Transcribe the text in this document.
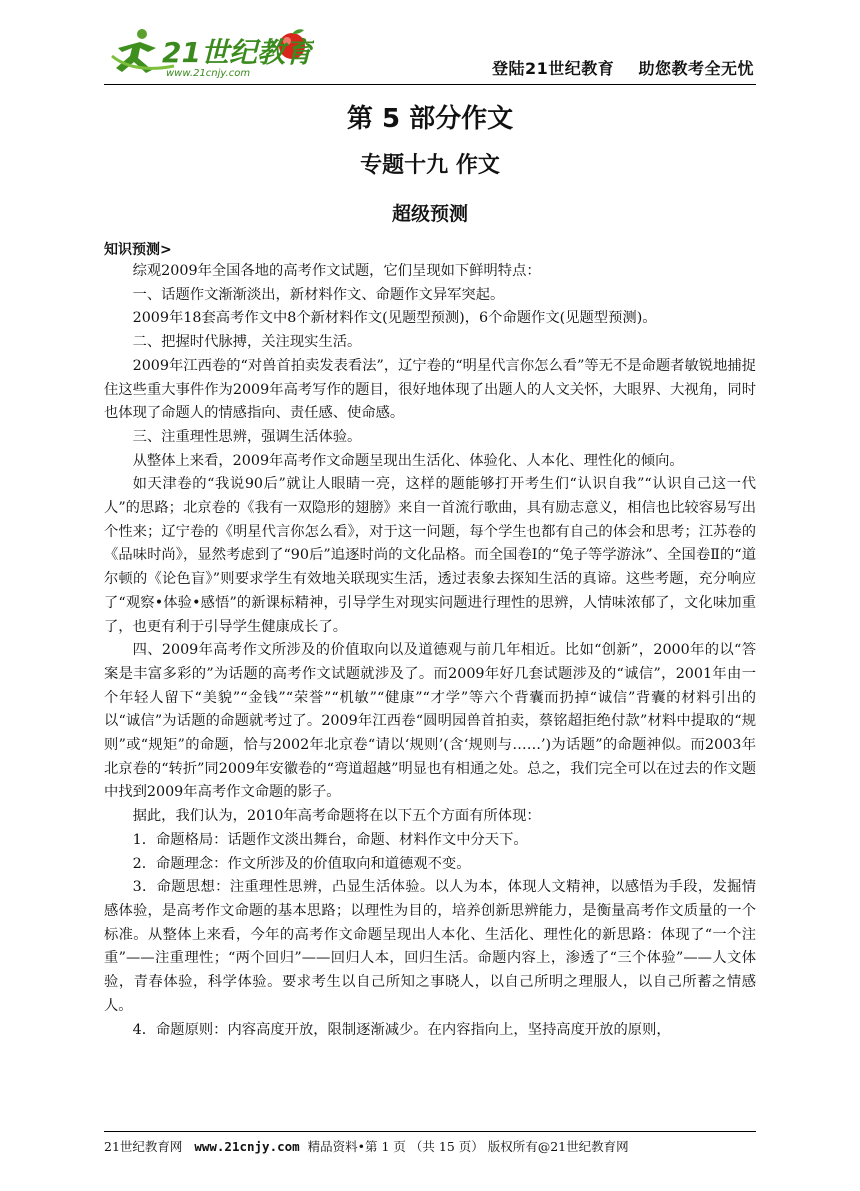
21世纪教育
www.21cnjy.com	登陆21世纪教育    助您教考全无忧
第 5 部分作文
专题十九 作文
超级预测
知识预测>

综观2009年全国各地的高考作文试题，它们呈现如下鲜明特点：

一、话题作文渐渐淡出，新材料作文、命题作文异军突起。

2009年18套高考作文中8个新材料作文(见题型预测)，6个命题作文(见题型预测)。

二、把握时代脉搏，关注现实生活。

2009年江西卷的“对兽首拍卖发表看法”，辽宁卷的“明星代言你怎么看”等无不是命题者敏锐地捕捉住这些重大事件作为2009年高考写作的题目，很好地体现了出题人的人文关怀，大眼界、大视角，同时也体现了命题人的情感指向、责任感、使命感。

三、注重理性思辨，强调生活体验。

从整体上来看，2009年高考作文命题呈现出生活化、体验化、人本化、理性化的倾向。

如天津卷的“我说90后”就让人眼睛一亮，这样的题能够打开考生们“认识自我”“认识自己这一代人”的思路；北京卷的《我有一双隐形的翅膀》来自一首流行歌曲，具有励志意义，相信也比较容易写出个性来；辽宁卷的《明星代言你怎么看》，对于这一问题，每个学生也都有自己的体会和思考；江苏卷的《品味时尚》，显然考虑到了“90后”追逐时尚的文化品格。而全国卷Ⅰ的“兔子等学游泳”、全国卷Ⅱ的“道尔顿的《论色盲》”则要求学生有效地关联现实生活，透过表象去探知生活的真谛。这些考题，充分响应了“观察•体验•感悟”的新课标精神，引导学生对现实问题进行理性的思辨，人情味浓郁了，文化味加重了，也更有利于引导学生健康成长了。

四、2009年高考作文所涉及的价值取向以及道德观与前几年相近。比如“创新”，2000年的以“答案是丰富多彩的”为话题的高考作文试题就涉及了。而2009年好几套试题涉及的“诚信”，2001年由一个年轻人留下“美貌”“金钱”“荣誉”“机敏”“健康”“才学”等六个背囊而扔掉“诚信”背囊的材料引出的以“诚信”为话题的命题就考过了。2009年江西卷“圆明园兽首拍卖，蔡铭超拒绝付款”材料中提取的“规则”或“规矩”的命题，恰与2002年北京卷“请以‘规则’(含‘规则与……’)为话题”的命题神似。而2003年北京卷的“转折”同2009年安徽卷的“弯道超越”明显也有相通之处。总之，我们完全可以在过去的作文题中找到2009年高考作文命题的影子。

据此，我们认为，2010年高考命题将在以下五个方面有所体现：

1．命题格局：话题作文淡出舞台，命题、材料作文中分天下。

2．命题理念：作文所涉及的价值取向和道德观不变。

3．命题思想：注重理性思辨，凸显生活体验。以人为本，体现人文精神，以感悟为手段，发掘情感体验，是高考作文命题的基本思路；以理性为目的，培养创新思辨能力，是衡量高考作文质量的一个标准。从整体上来看，今年的高考作文命题呈现出人本化、生活化、理性化的新思路：体现了“一个注重”——注重理性；“两个回归”——回归人本，回归生活。命题内容上，渗透了“三个体验”——人文体验，青春体验，科学体验。要求考生以自己所知之事晓人，以自己所明之理服人，以自己所蓄之情感人。

4．命题原则：内容高度开放，限制逐渐减少。在内容指向上，坚持高度开放的原则，

21世纪教育网 www.21cnjy.com 精品资料•第 1 页 （共 15 页） 版权所有@21世纪教育网
